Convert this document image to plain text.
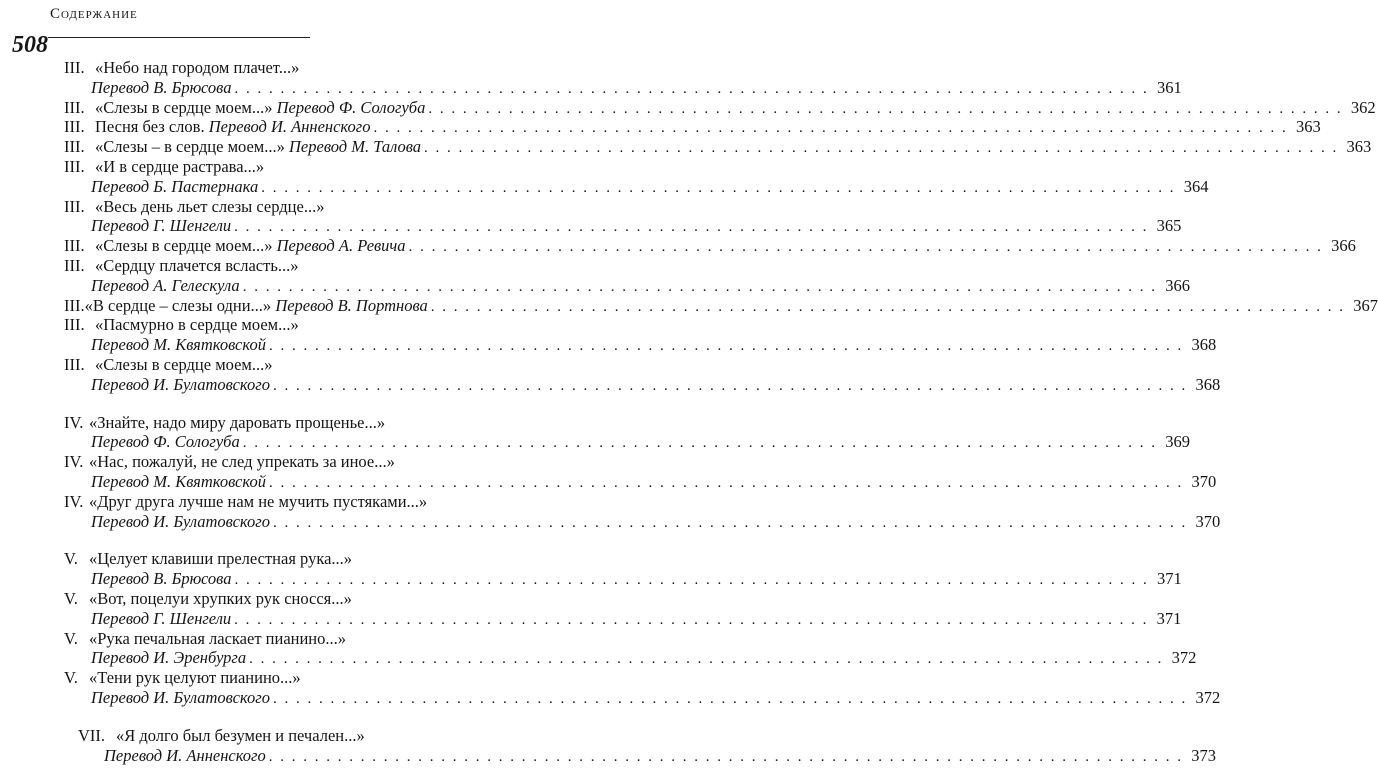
Содержание
508
III. «Небо над городом плачет...»
Перевод В. Брюсова . . . . . . . . . . . . . . . . . . . . . . . . . . . . . . . . . . . . . . . . . . . . . . . . . . . . . . . . . . . . . . . . . . . . . . . . . . . . . . . . 361
III. «Слезы в сердце моем...»
Перевод Ф. Сологуба . . . . . . . . . . . . . . . . . . . . . . . . . . . . . . . . . . . . . . . . . . . . . . . . . . . . . . . . . . . . . . . . . . . . . . . . . . . . . . . . 362
III. Песня без слов.
Перевод И. Анненского . . . . . . . . . . . . . . . . . . . . . . . . . . . . . . . . . . . . . . . . . . . . . . . . . . . . . . . . . . . . . . . . . . . . . . . . . . . . . . . . 363
III. «Слезы – в сердце моем...»
Перевод М. Талова . . . . . . . . . . . . . . . . . . . . . . . . . . . . . . . . . . . . . . . . . . . . . . . . . . . . . . . . . . . . . . . . . . . . . . . . . . . . . . . . 363
III. «И в сердце растрава...»
Перевод Б. Пастернака . . . . . . . . . . . . . . . . . . . . . . . . . . . . . . . . . . . . . . . . . . . . . . . . . . . . . . . . . . . . . . . . . . . . . . . . . . . . . . . . 364
III. «Весь день льет слезы сердце...»
Перевод Г. Шенгели . . . . . . . . . . . . . . . . . . . . . . . . . . . . . . . . . . . . . . . . . . . . . . . . . . . . . . . . . . . . . . . . . . . . . . . . . . . . . . . . 365
III. «Слезы в сердце моем...»
Перевод А. Ревича . . . . . . . . . . . . . . . . . . . . . . . . . . . . . . . . . . . . . . . . . . . . . . . . . . . . . . . . . . . . . . . . . . . . . . . . . . . . . . . . 366
III. «Сердцу плачется всласть...»
Перевод А. Гелескула . . . . . . . . . . . . . . . . . . . . . . . . . . . . . . . . . . . . . . . . . . . . . . . . . . . . . . . . . . . . . . . . . . . . . . . . . . . . . . . . 366
III. «В сердце – слезы одни...»
Перевод В. Портнова . . . . . . . . . . . . . . . . . . . . . . . . . . . . . . . . . . . . . . . . . . . . . . . . . . . . . . . . . . . . . . . . . . . . . . . . . . . . . . . . 367
III. «Пасмурно в сердце моем...»
Перевод М. Квятковской . . . . . . . . . . . . . . . . . . . . . . . . . . . . . . . . . . . . . . . . . . . . . . . . . . . . . . . . . . . . . . . . . . . . . . . . . . . . . . . . 368
III. «Слезы в сердце моем...»
Перевод И. Булатовского . . . . . . . . . . . . . . . . . . . . . . . . . . . . . . . . . . . . . . . . . . . . . . . . . . . . . . . . . . . . . . . . . . . . . . . . . . . . . . . . 368
IV. «Знайте, надо миру даровать прощенье...»
Перевод Ф. Сологуба . . . . . . . . . . . . . . . . . . . . . . . . . . . . . . . . . . . . . . . . . . . . . . . . . . . . . . . . . . . . . . . . . . . . . . . . . . . . . . . . 369
IV. «Нас, пожалуй, не след упрекать за иное...»
Перевод М. Квятковской . . . . . . . . . . . . . . . . . . . . . . . . . . . . . . . . . . . . . . . . . . . . . . . . . . . . . . . . . . . . . . . . . . . . . . . . . . . . . . . . 370
IV. «Друг друга лучше нам не мучить пустяками...»
Перевод И. Булатовского . . . . . . . . . . . . . . . . . . . . . . . . . . . . . . . . . . . . . . . . . . . . . . . . . . . . . . . . . . . . . . . . . . . . . . . . . . . . . . . . 370
V. «Целует клавиши прелестная рука...»
Перевод В. Брюсова . . . . . . . . . . . . . . . . . . . . . . . . . . . . . . . . . . . . . . . . . . . . . . . . . . . . . . . . . . . . . . . . . . . . . . . . . . . . . . . . 371
V. «Вот, поцелуи хрупких рук сносся...»
Перевод Г. Шенгели . . . . . . . . . . . . . . . . . . . . . . . . . . . . . . . . . . . . . . . . . . . . . . . . . . . . . . . . . . . . . . . . . . . . . . . . . . . . . . . . 371
V. «Рука печальная ласкает пианино...»
Перевод И. Эренбурга . . . . . . . . . . . . . . . . . . . . . . . . . . . . . . . . . . . . . . . . . . . . . . . . . . . . . . . . . . . . . . . . . . . . . . . . . . . . . . . . 372
V. «Тени рук целуют пианино...»
Перевод И. Булатовского . . . . . . . . . . . . . . . . . . . . . . . . . . . . . . . . . . . . . . . . . . . . . . . . . . . . . . . . . . . . . . . . . . . . . . . . . . . . . . . . 372
VII. «Я долго был безумен и печален...»
Перевод И. Анненского . . . . . . . . . . . . . . . . . . . . . . . . . . . . . . . . . . . . . . . . . . . . . . . . . . . . . . . . . . . . . . . . . . . . . . . . . . . . . . . . 373
